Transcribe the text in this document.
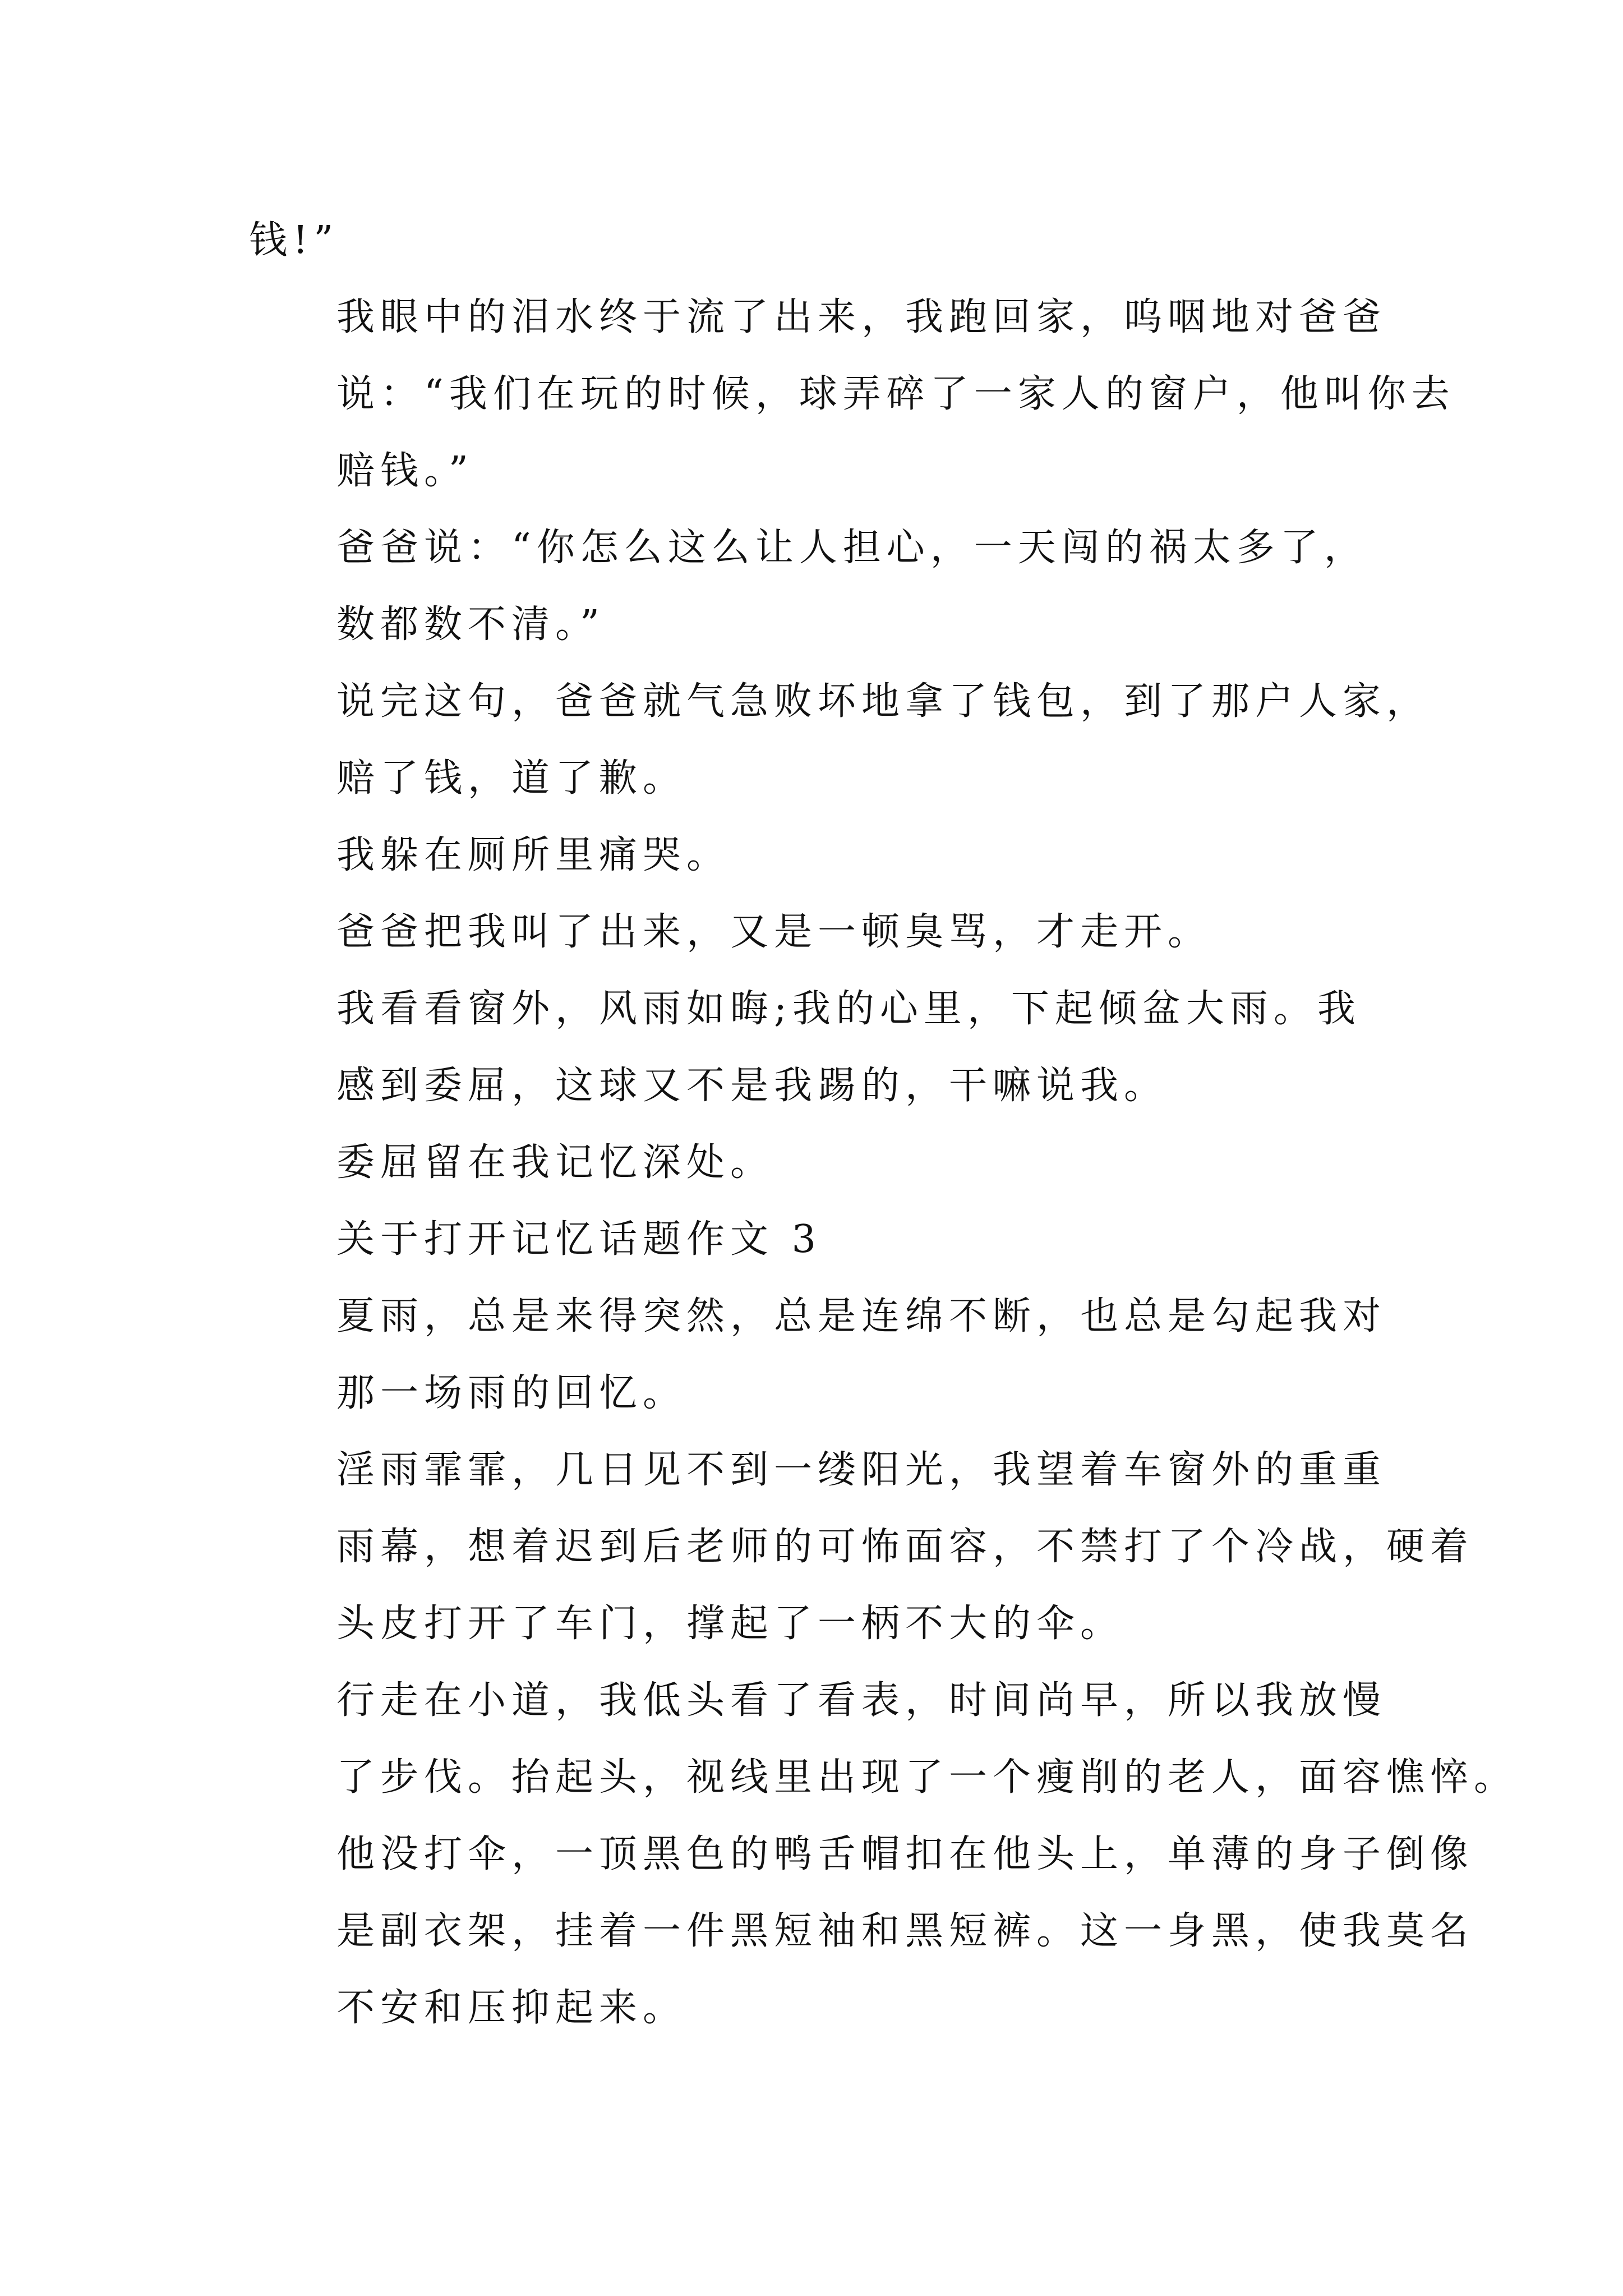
钱!”

我眼中的泪水终于流了出来，我跑回家，呜咽地对爸爸
说：“我们在玩的时候，球弄碎了一家人的窗户，他叫你去
赔钱。”

爸爸说：“你怎么这么让人担心，一天闯的祸太多了，
数都数不清。”

说完这句，爸爸就气急败坏地拿了钱包，到了那户人家，
赔了钱，道了歉。

我躲在厕所里痛哭。

爸爸把我叫了出来，又是一顿臭骂，才走开。

我看看窗外，风雨如晦;我的心里，下起倾盆大雨。我
感到委屈，这球又不是我踢的，干嘛说我。

委屈留在我记忆深处。

关于打开记忆话题作文 3

夏雨，总是来得突然，总是连绵不断，也总是勾起我对
那一场雨的回忆。

淫雨霏霏，几日见不到一缕阳光，我望着车窗外的重重
雨幕，想着迟到后老师的可怖面容，不禁打了个冷战，硬着
头皮打开了车门，撑起了一柄不大的伞。

行走在小道，我低头看了看表，时间尚早，所以我放慢
了步伐。抬起头，视线里出现了一个瘦削的老人，面容憔悴。
他没打伞，一顶黑色的鸭舌帽扣在他头上，单薄的身子倒像
是副衣架，挂着一件黑短袖和黑短裤。这一身黑，使我莫名
不安和压抑起来。
